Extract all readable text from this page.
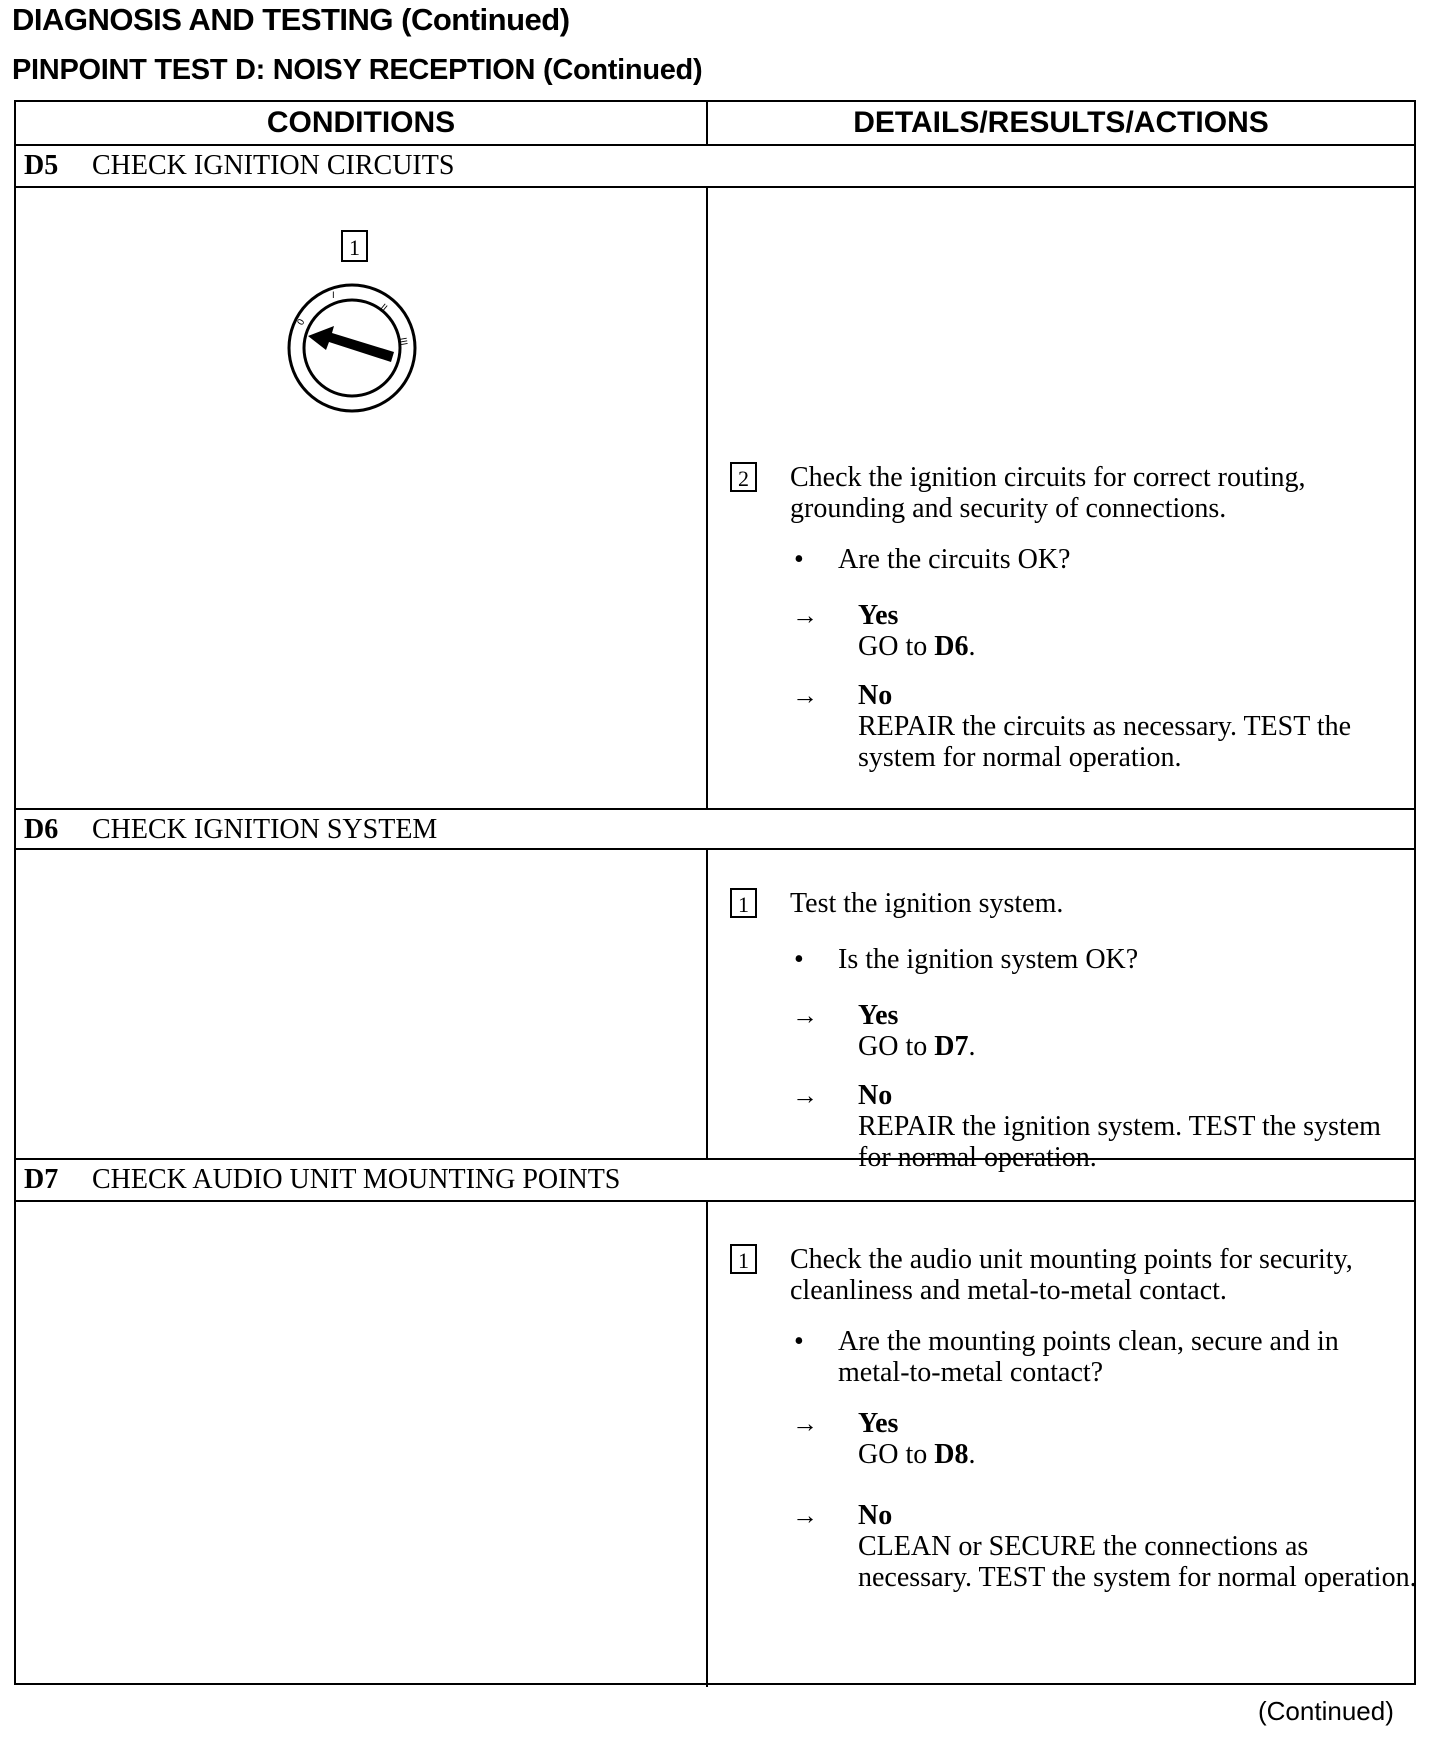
DIAGNOSIS AND TESTING (Continued)
PINPOINT TEST D: NOISY RECEPTION (Continued)
CONDITIONS	DETAILS/RESULTS/ACTIONS
D5 CHECK IGNITION CIRCUITS
1
0
I
II
III
2 Check the ignition circuits for correct routing, grounding and security of connections.
• Are the circuits OK?
→ Yes
GO to D6.
→ No
REPAIR the circuits as necessary. TEST the system for normal operation.
D6 CHECK IGNITION SYSTEM
1 Test the ignition system.
• Is the ignition system OK?
→ Yes
GO to D7.
→ No
REPAIR the ignition system. TEST the system for normal operation.
D7 CHECK AUDIO UNIT MOUNTING POINTS
1 Check the audio unit mounting points for security, cleanliness and metal-to-metal contact.
• Are the mounting points clean, secure and in metal-to-metal contact?
→ Yes
GO to D8.
→ No
CLEAN or SECURE the connections as necessary. TEST the system for normal operation.
(Continued)
